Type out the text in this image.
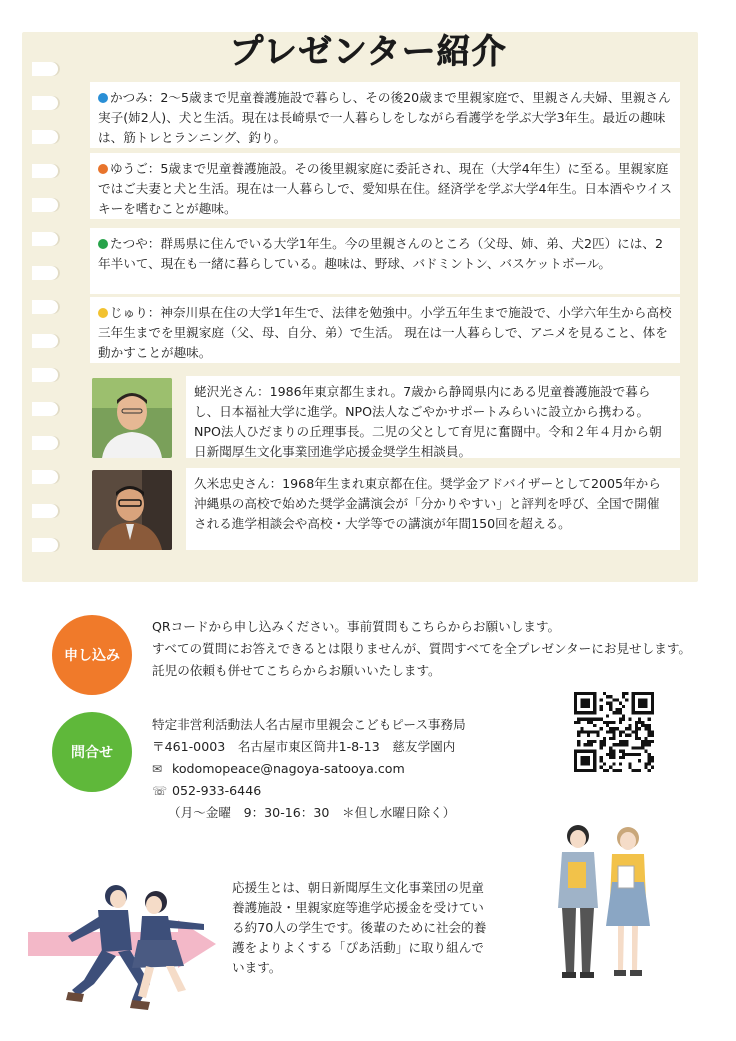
プレゼンター紹介
かつみ：2～5歳まで児童養護施設で暮らし、その後20歳まで里親家庭で、里親さん夫婦、里親さん実子(姉2人)、犬と生活。現在は長崎県で一人暮らしをしながら看護学を学ぶ大学3年生。最近の趣味は、筋トレとランニング、釣り。
ゆうご：5歳まで児童養護施設。その後里親家庭に委託され、現在（大学4年生）に至る。里親家庭ではご夫妻と犬と生活。現在は一人暮らしで、愛知県在住。経済学を学ぶ大学4年生。日本酒やウイスキーを嗜むことが趣味。
たつや：群馬県に住んでいる大学1年生。今の里親さんのところ（父母、姉、弟、犬2匹）には、2年半いて、現在も一緒に暮らしている。趣味は、野球、バドミントン、バスケットボール。
じゅり：神奈川県在住の大学1年生で、法律を勉強中。小学五年生まで施設で、小学六年生から高校三年生までを里親家庭（父、母、自分、弟）で生活。 現在は一人暮らしで、アニメを見ること、体を動かすことが趣味。
蛯沢光さん：1986年東京都生まれ。7歳から静岡県内にある児童養護施設で暮らし、日本福祉大学に進学。NPO法人なごやかサポートみらいに設立から携わる。NPO法人ひだまりの丘理事長。二児の父として育児に奮闘中。令和２年４月から朝日新聞厚生文化事業団進学応援金奨学生相談員。
久米忠史さん：1968年生まれ東京都在住。奨学金アドバイザーとして2005年から沖縄県の高校で始めた奨学金講演会が「分かりやすい」と評判を呼び、全国で開催される進学相談会や高校・大学等での講演が年間150回を超える。
申し込み
QRコードから申し込みください。事前質問もこちらからお願いします。
すべての質問にお答えできるとは限りませんが、質問すべてを全プレゼンターにお見せします。託児の依頼も併せてこちらからお願いいたします。
問合せ
特定非営利活動法人名古屋市里親会こどもピース事務局
〒461-0003　名古屋市東区筒井1-8-13　慈友学園内
✉ kodomopeace@nagoya-satooya.com
☏ 052-933-6446
（月～金曜　9：30-16：30　＊但し水曜日除く）
応援生とは、朝日新聞厚生文化事業団の児童養護施設・里親家庭等進学応援金を受けている約70人の学生です。後輩のために社会的養護をよりよくする「ぴあ活動」に取り組んでいます。
